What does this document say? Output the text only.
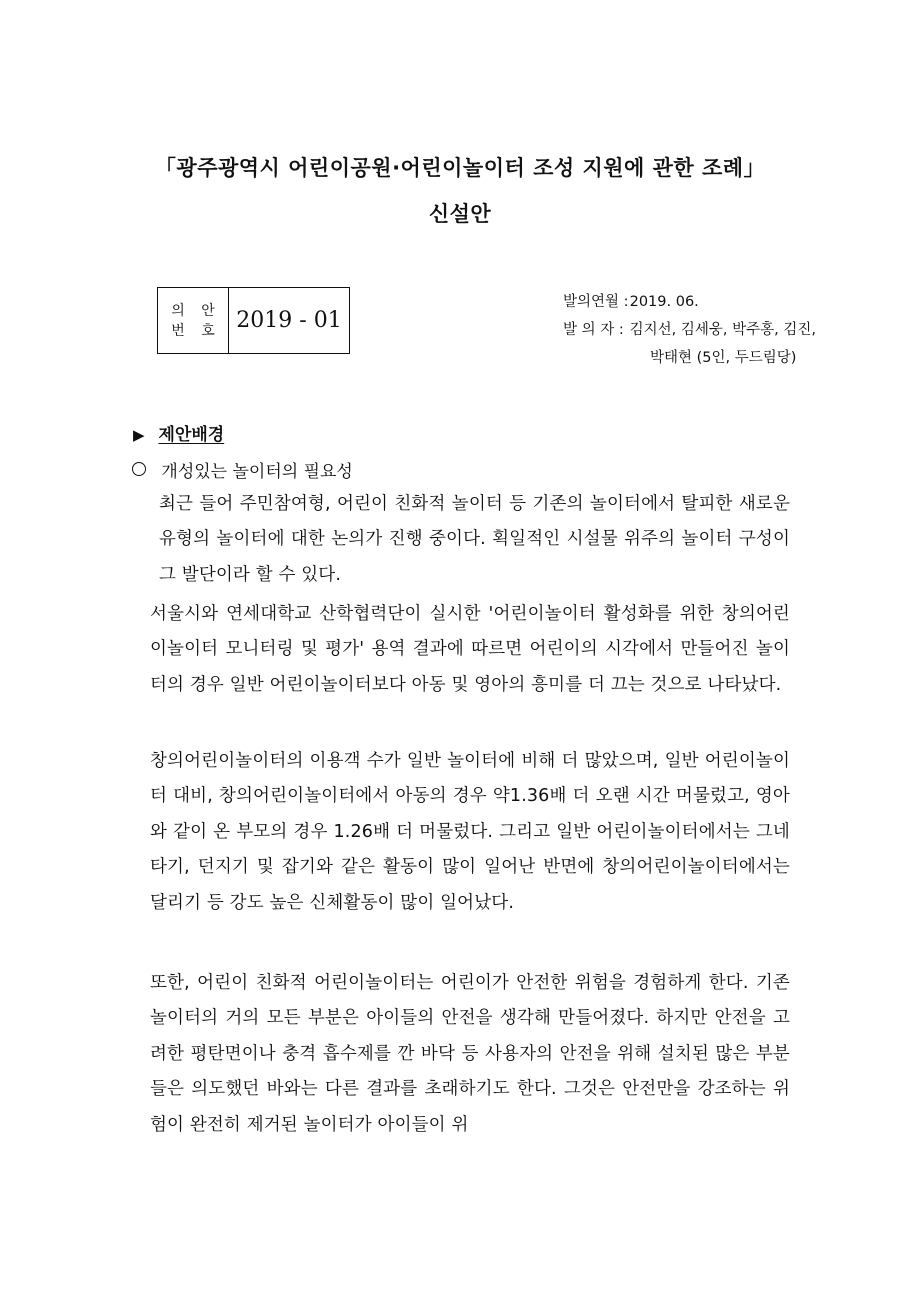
「광주광역시 어린이공원·어린이놀이터 조성 지원에 관한 조례」
신설안
의 안
번 호 2019 - 01
발의연월 : 2019. 06.
발 의 자 : 김지선, 김세웅, 박주홍, 김진,
박태현 (5인, 두드림당)
▶ 제안배경
개성있는 놀이터의 필요성
최근 들어 주민참여형, 어린이 친화적 놀이터 등 기존의 놀이터에서 탈피한 새로운 유형의 놀이터에 대한 논의가 진행 중이다. 획일적인 시설물 위주의 놀이터 구성이 그 발단이라 할 수 있다.
서울시와 연세대학교 산학협력단이 실시한 '어린이놀이터 활성화를 위한 창의어린이놀이터 모니터링 및 평가' 용역 결과에 따르면 어린이의 시각에서 만들어진 놀이터의 경우 일반 어린이놀이터보다 아동 및 영아의 흥미를 더 끄는 것으로 나타났다.
창의어린이놀이터의 이용객 수가 일반 놀이터에 비해 더 많았으며, 일반 어린이놀이터 대비, 창의어린이놀이터에서 아동의 경우 약1.36배 더 오랜 시간 머물렀고, 영아와 같이 온 부모의 경우 1.26배 더 머물렀다. 그리고 일반 어린이놀이터에서는 그네타기, 던지기 및 잡기와 같은 활동이 많이 일어난 반면에 창의어린이놀이터에서는 달리기 등 강도 높은 신체활동이 많이 일어났다.
또한, 어린이 친화적 어린이놀이터는 어린이가 안전한 위험을 경험하게 한다. 기존 놀이터의 거의 모든 부분은 아이들의 안전을 생각해 만들어졌다. 하지만 안전을 고려한 평탄면이나 충격 흡수제를 깐 바닥 등 사용자의 안전을 위해 설치된 많은 부분들은 의도했던 바와는 다른 결과를 초래하기도 한다. 그것은 안전만을 강조하는 위험이 완전히 제거된 놀이터가 아이들이 위
